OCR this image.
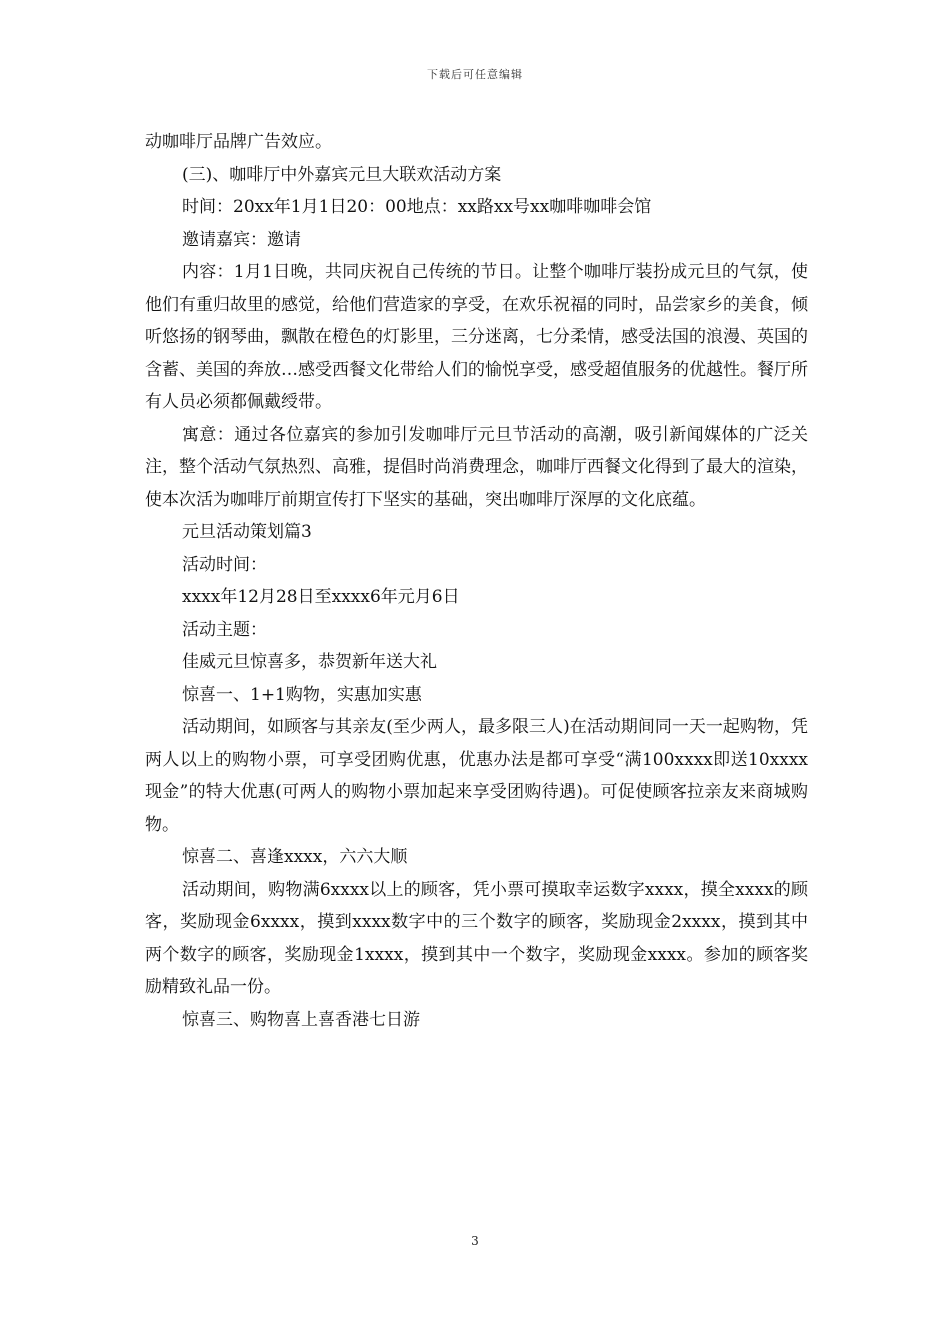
下载后可任意编辑

动咖啡厅品牌广告效应。

(三)、咖啡厅中外嘉宾元旦大联欢活动方案

时间：20xx年1月1日20：00地点：xx路xx号xx咖啡咖啡会馆

邀请嘉宾：邀请

内容：1月1日晚，共同庆祝自己传统的节日。让整个咖啡厅装扮成元旦的气氛，使他们有重归故里的感觉，给他们营造家的享受，在欢乐祝福的同时，品尝家乡的美食，倾听悠扬的钢琴曲，飘散在橙色的灯影里，三分迷离，七分柔情，感受法国的浪漫、英国的含蓄、美国的奔放…感受西餐文化带给人们的愉悦享受，感受超值服务的优越性。餐厅所有人员必须都佩戴绶带。

寓意：通过各位嘉宾的参加引发咖啡厅元旦节活动的高潮，吸引新闻媒体的广泛关注，整个活动气氛热烈、高雅，提倡时尚消费理念，咖啡厅西餐文化得到了最大的渲染，使本次活为咖啡厅前期宣传打下坚实的基础，突出咖啡厅深厚的文化底蕴。

元旦活动策划篇3

活动时间：

xxxx年12月28日至xxxx6年元月6日

活动主题：

佳威元旦惊喜多，恭贺新年送大礼

惊喜一、1+1购物，实惠加实惠

活动期间，如顾客与其亲友(至少两人，最多限三人)在活动期间同一天一起购物，凭两人以上的购物小票，可享受团购优惠，优惠办法是都可享受“满100xxxx即送10xxxx现金”的特大优惠(可两人的购物小票加起来享受团购待遇)。可促使顾客拉亲友来商城购物。

惊喜二、喜逢xxxx，六六大顺

活动期间，购物满6xxxx以上的顾客，凭小票可摸取幸运数字xxxx，摸全xxxx的顾客，奖励现金6xxxx，摸到xxxx数字中的三个数字的顾客，奖励现金2xxxx，摸到其中两个数字的顾客，奖励现金1xxxx，摸到其中一个数字，奖励现金xxxx。参加的顾客奖励精致礼品一份。

惊喜三、购物喜上喜香港七日游

3
